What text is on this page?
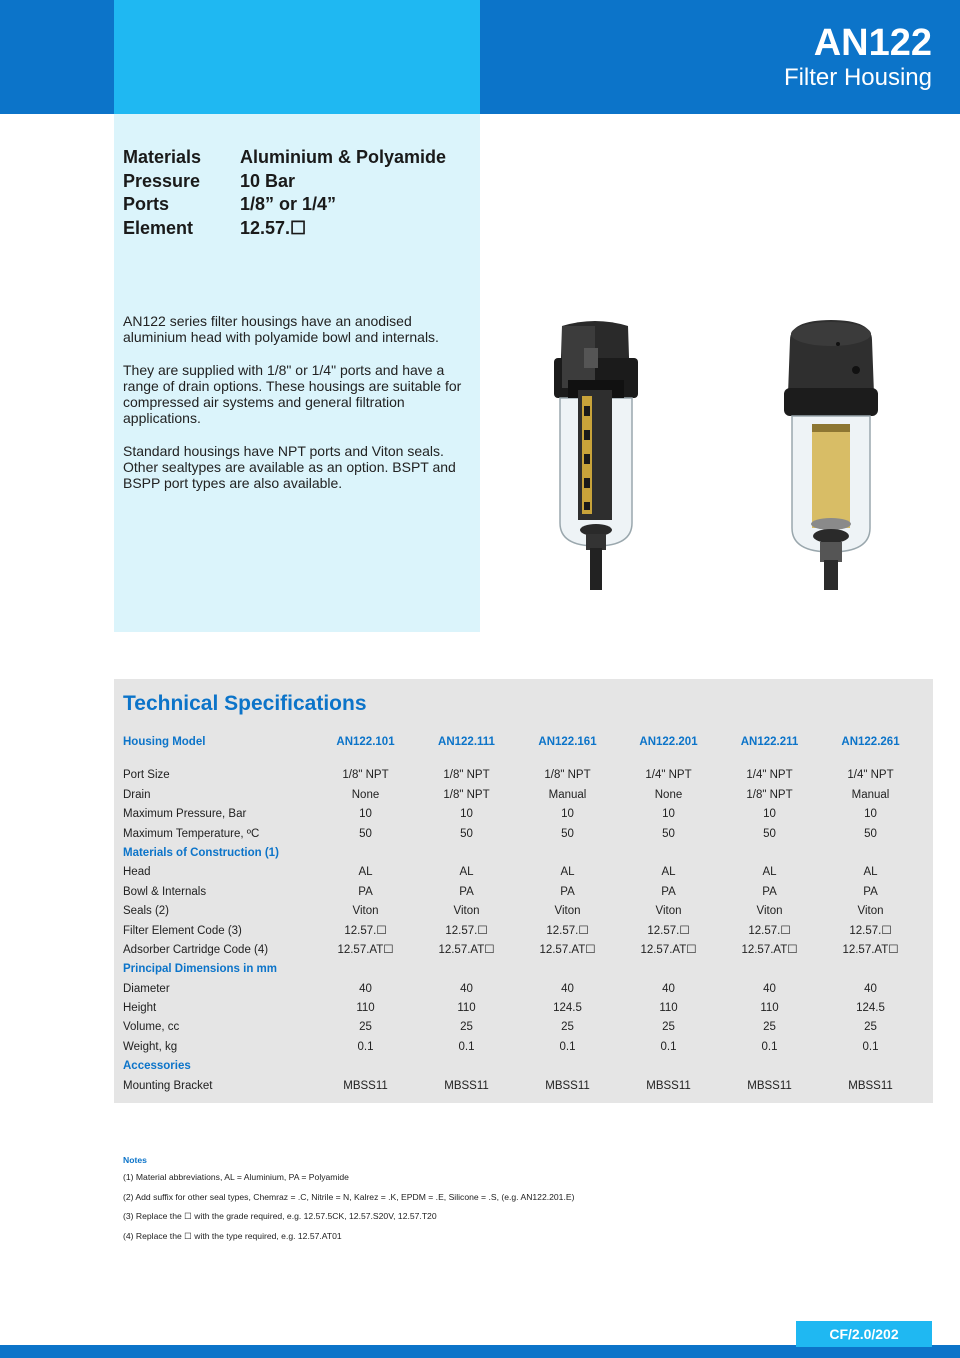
AN122
Filter Housing
Materials Aluminium & Polyamide
Pressure 10 Bar
Ports	1/8” or 1/4”
Element	12.57.☐

AN122 series filter housings have an anodised aluminium head with polyamide bowl and internals.

They are supplied with 1/8" or 1/4" ports and have a range of drain options. These housings are suitable for compressed air systems and general filtration applications.

Standard housings have NPT ports and Viton seals. Other sealtypes are available as an option. BSPT and BSPP port types are also available.

Technical Specifications
Housing Model	AN122.101	AN122.111	AN122.161	AN122.201	AN122.211	AN122.261
Port Size	1/8" NPT	1/8" NPT	1/8" NPT	1/4" NPT	1/4" NPT	1/4" NPT
Drain	None	1/8" NPT	Manual	None	1/8" NPT	Manual
Maximum Pressure, Bar	10	10	10	10	10	10
Maximum Temperature, ºC	50	50	50	50	50	50
Materials of Construction (1)
Head	AL	AL	AL	AL	AL	AL
Bowl & Internals	PA	PA	PA	PA	PA	PA
Seals (2)	Viton	Viton	Viton	Viton	Viton	Viton
Filter Element Code (3)	12.57.☐	12.57.☐	12.57.☐	12.57.☐	12.57.☐	12.57.☐
Adsorber Cartridge Code (4)	12.57.AT☐	12.57.AT☐	12.57.AT☐	12.57.AT☐	12.57.AT☐	12.57.AT☐
Principal Dimensions in mm
Diameter	40	40	40	40	40	40
Height	110	110	124.5	110	110	124.5
Volume, cc	25	25	25	25	25	25
Weight, kg	0.1	0.1	0.1	0.1	0.1	0.1
Accessories
Mounting Bracket	MBSS11	MBSS11	MBSS11	MBSS11	MBSS11	MBSS11
Notes
(1) Material abbreviations, AL = Aluminium, PA = Polyamide
(2) Add suffix for other seal types, Chemraz = .C, Nitrile = N, Kalrez = .K, EPDM = .E, Silicone = .S, (e.g. AN122.201.E)
(3) Replace the ☐ with the grade required, e.g. 12.57.5CK, 12.57.S20V, 12.57.T20
(4) Replace the ☐ with the type required, e.g. 12.57.AT01
CF/2.0/202
